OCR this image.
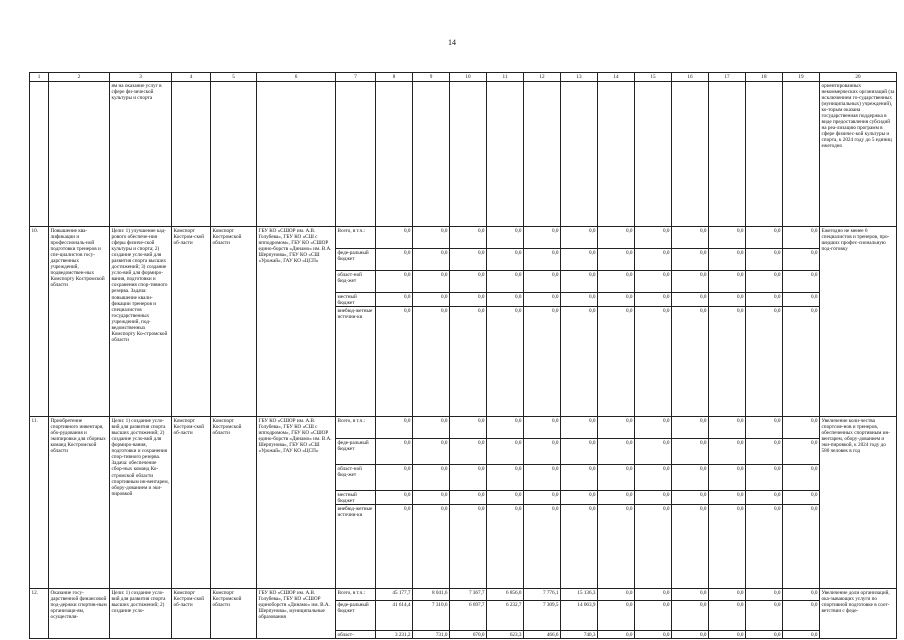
14
1	2	3	4	5	6	7	8	9	10	11	12	13	14	15	16	17	18	19	20
		ям на оказание услуг в сфере фи-зической культуры и спорта																	ориентированных некоммерческих организаций (за исключением го-сударственных (муниципальных) учреждений), ко-торым оказана государственная поддержка в виде предоставления субсидий на реа-лизацию программ в сфере физичес-кой культуры и спорта, к 2024 году до 5 единиц ежегодно
10.	Повышение ква-лификации и профессиональ-ной подготовки тренеров и спе-циалистов госу-дарственных учреждений, подведомствен-ных Комспорту Костромской области	Цели: 1) улучшение кад-рового обеспече-ния сферы физиче-ской культуры и спорта; 2) создание усло-вий для развития спорта высших достижений; 3) создание усло-вий для формиро-вания, подготовки и сохранения спор-тивного резерва. Задача: повышение квали-фикации тренеров и специалистов государственных учреждений, под-ведомственных Комспорту Ко-стромской области	Комспорт Костром-ской об-ласти	Комспорт Костромской области	ГБУ КО «СШОР им. А.В. Голубева», ГБУ КО «СШ с ипподромом», ГБУ КО «СШОР едино-борств «Динамо» им. В.А. Шерпунова», ГБУ КО «СШ «Урожай», ГАУ КО «ЦСП»	Всего, в т.ч.:	0,0	0,0	0,0	0,0	0,0	0,0	0,0	0,0	0,0	0,0	0,0	0,0	Ежегодно не менее 6 специалистов и тренеров, про-шедших профес-сиональную под-готовку
						феде-ральный бюджет	0,0	0,0	0,0	0,0	0,0	0,0	0,0	0,0	0,0	0,0	0,0	0,0	
						област-ной бюд-жет	0,0	0,0	0,0	0,0	0,0	0,0	0,0	0,0	0,0	0,0	0,0	0,0	
						местный бюджет	0,0	0,0	0,0	0,0	0,0	0,0	0,0	0,0	0,0	0,0	0,0	0,0	
						внебюд-жетные источни-ки	0,0	0,0	0,0	0,0	0,0	0,0	0,0	0,0	0,0	0,0	0,0	0,0	
11.	Приобретение спортивного инвентаря, обо-рудования и экипировки для сборных команд Костромской области	Цели: 1) создание усло-вий для развития спорта высших достижений; 2) создание усло-вий для формиро-вания, подготовки и сохранения спор-тивного резерва. Задача: обеспечение сбор-ных команд Ко-стромской области спортивным ин-вентарем, обору-дованием и эки-пировкой	Комспорт Костром-ской об-ласти	Комспорт Костромской области	ГБУ КО «СШОР им. А.В. Голубева», ГБУ КО «СШ с ипподромом», ГБУ КО «СШОР едино-борств «Динамо» им. В.А. Шерпунова», ГБУ КО «СШ «Урожай», ГАУ КО «ЦСП»	Всего, в т.ч.:	0,0	0,0	0,0	0,0	0,0	0,0	0,0	0,0	0,0	0,0	0,0	0,0	Увеличение коли-чества спортсме-нов и тренеров, обеспеченных спортивным ин-вентарем, обору-дованием и эки-пировкой, к 2024 году до 580 человек в год
						феде-ральный бюджет	0,0	0,0	0,0	0,0	0,0	0,0	0,0	0,0	0,0	0,0	0,0	0,0	
						област-ной бюд-жет	0,0	0,0	0,0	0,0	0,0	0,0	0,0	0,0	0,0	0,0	0,0	0,0	
						местный бюджет	0,0	0,0	0,0	0,0	0,0	0,0	0,0	0,0	0,0	0,0	0,0	0,0	
						внебюд-жетные источни-ки	0,0	0,0	0,0	0,0	0,0	0,0	0,0	0,0	0,0	0,0	0,0	0,0	
12.	Оказание госу-дарственной финансовой под-держки спортив-ным организаци-ям, осуществля-	Цели: 1) создание усло-вий для развития спорта высших достижений; 2) создание усло-	Комспорт Костром-ской об-ласти	Комспорт Костромской области	ГБУ КО «СШОР им. А.В. Голубева», ГБУ КО «СШОР единоборств «Динамо» им. В.А. Шерпунова», муниципальные образования	Всего, в т.ч.:	45 177,7	8 041,6	7 367,7	6 856,0	7 776,1	15 136,3	0,0	0,0	0,0	0,0	0,0	0,0	Увеличение доли организаций, ока-зывающих услуги по спортивной подготовке в соот-ветствии с феде-
						феде-ральный бюджет	41 614,4	7 310,6	6 697,7	6 232,7	7 309,5	14 063,9	0,0	0,0	0,0	0,0	0,0	0,0	
						област-	3 231,2	731,0	670,0	623,3	466,6	740,3	0,0	0,0	0,0	0,0	0,0	0,0	
